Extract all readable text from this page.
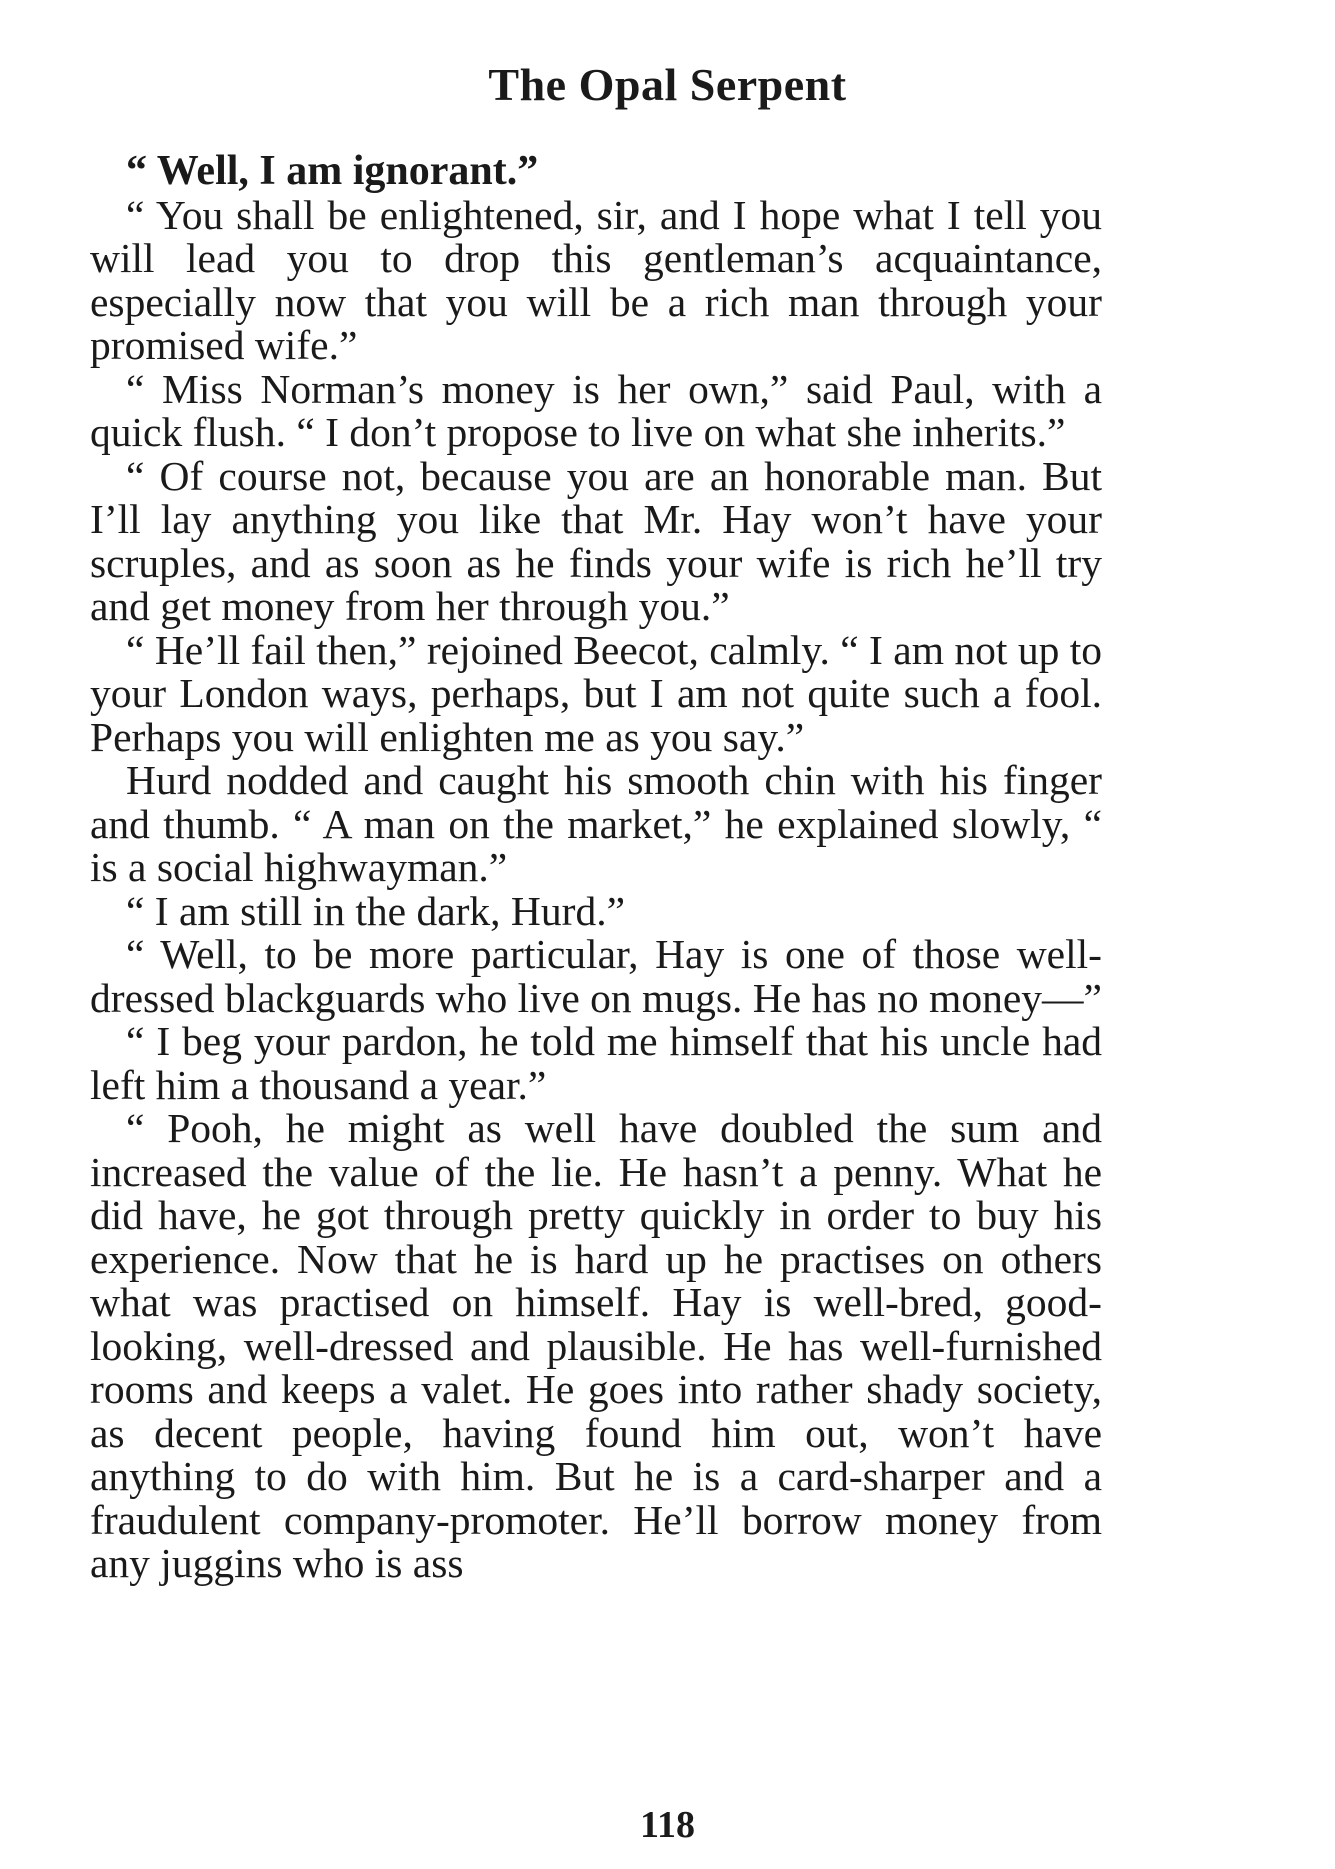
The Opal Serpent

“ Well, I am ignorant.”

“ You shall be enlightened, sir, and I hope what I tell you will lead you to drop this gentleman’s acquaintance, especially now that you will be a rich man through your promised wife.”

“ Miss Norman’s money is her own,” said Paul, with a quick flush. “ I don’t propose to live on what she inherits.”

“ Of course not, because you are an honorable man. But I’ll lay anything you like that Mr. Hay won’t have your scruples, and as soon as he finds your wife is rich he’ll try and get money from her through you.”

“ He’ll fail then,” rejoined Beecot, calmly. “ I am not up to your London ways, perhaps, but I am not quite such a fool. Perhaps you will enlighten me as you say.”

Hurd nodded and caught his smooth chin with his finger and thumb. “ A man on the market,” he explained slowly, “ is a social highwayman.”

“ I am still in the dark, Hurd.”

“ Well, to be more particular, Hay is one of those well-dressed blackguards who live on mugs. He has no money—”

“ I beg your pardon, he told me himself that his uncle had left him a thousand a year.”

“ Pooh, he might as well have doubled the sum and increased the value of the lie. He hasn’t a penny. What he did have, he got through pretty quickly in order to buy his experience. Now that he is hard up he practises on others what was practised on himself. Hay is well-bred, good-looking, well-dressed and plausible. He has well-furnished rooms and keeps a valet. He goes into rather shady society, as decent people, having found him out, won’t have anything to do with him. But he is a card-sharper and a fraudulent company-promoter. He’ll borrow money from any juggins who is ass

118
